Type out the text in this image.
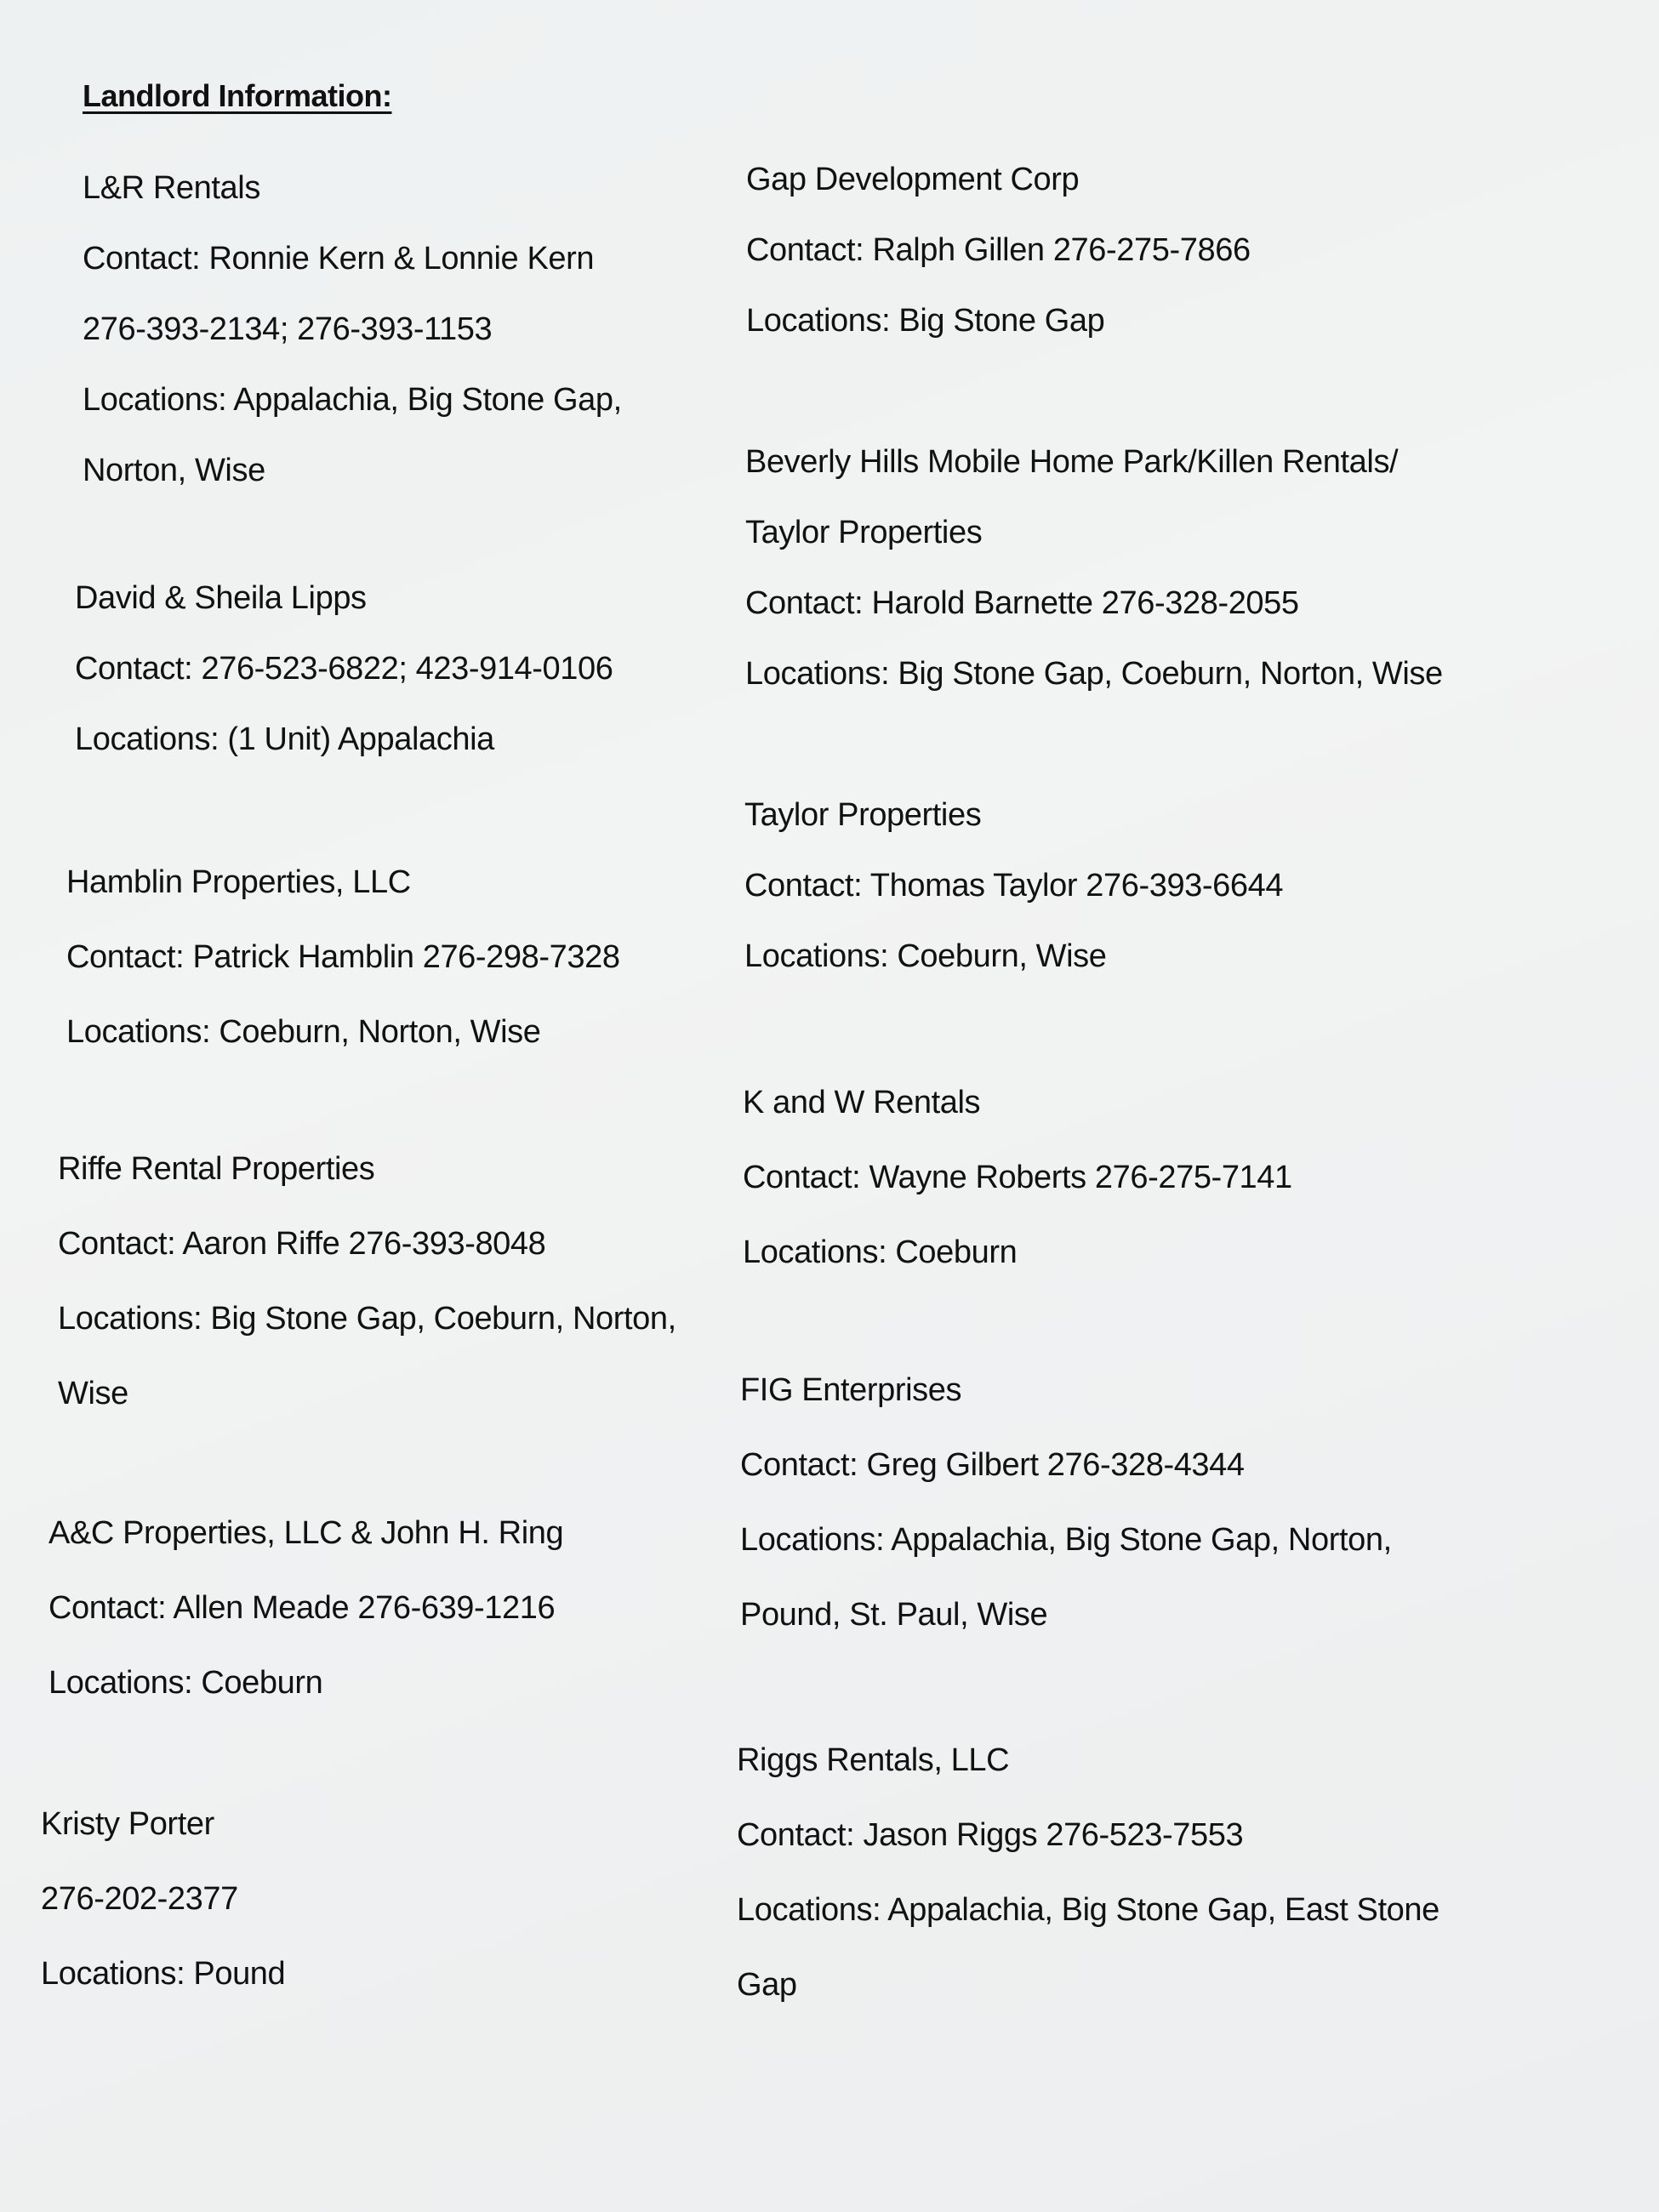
Landlord Information:
L&R Rentals
Contact: Ronnie Kern & Lonnie Kern
276-393-2134; 276-393-1153
Locations: Appalachia, Big Stone Gap,
Norton, Wise
David & Sheila Lipps
Contact: 276-523-6822; 423-914-0106
Locations: (1 Unit) Appalachia
Hamblin Properties, LLC
Contact: Patrick Hamblin 276-298-7328
Locations: Coeburn, Norton, Wise
Riffe Rental Properties
Contact: Aaron Riffe 276-393-8048
Locations: Big Stone Gap, Coeburn, Norton,
Wise
A&C Properties, LLC & John H. Ring
Contact: Allen Meade 276-639-1216
Locations: Coeburn
Kristy Porter
276-202-2377
Locations: Pound
Gap Development Corp
Contact: Ralph Gillen 276-275-7866
Locations: Big Stone Gap
Beverly Hills Mobile Home Park/Killen Rentals/
Taylor Properties
Contact: Harold Barnette 276-328-2055
Locations: Big Stone Gap, Coeburn, Norton, Wise
Taylor Properties
Contact: Thomas Taylor 276-393-6644
Locations: Coeburn, Wise
K and W Rentals
Contact: Wayne Roberts 276-275-7141
Locations: Coeburn
FIG Enterprises
Contact: Greg Gilbert 276-328-4344
Locations: Appalachia, Big Stone Gap, Norton,
Pound, St. Paul, Wise
Riggs Rentals, LLC
Contact: Jason Riggs 276-523-7553
Locations: Appalachia, Big Stone Gap, East Stone
Gap
